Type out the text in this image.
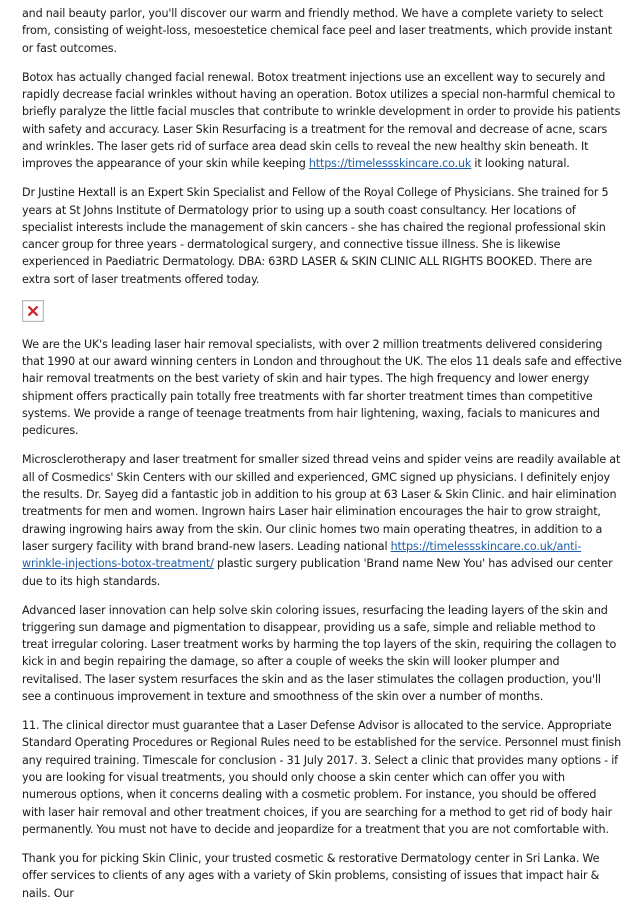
and nail beauty parlor, you'll discover our warm and friendly method. We have a complete variety to select from, consisting of weight-loss, mesoestetice chemical face peel and laser treatments, which provide instant or fast outcomes.

Botox has actually changed facial renewal. Botox treatment injections use an excellent way to securely and rapidly decrease facial wrinkles without having an operation. Botox utilizes a special non-harmful chemical to briefly paralyze the little facial muscles that contribute to wrinkle development in order to provide his patients with safety and accuracy. Laser Skin Resurfacing is a treatment for the removal and decrease of acne, scars and wrinkles. The laser gets rid of surface area dead skin cells to reveal the new healthy skin beneath. It improves the appearance of your skin while keeping https://timelessskincare.co.uk it looking natural.

Dr Justine Hextall is an Expert Skin Specialist and Fellow of the Royal College of Physicians. She trained for 5 years at St Johns Institute of Dermatology prior to using up a south coast consultancy. Her locations of specialist interests include the management of skin cancers - she has chaired the regional professional skin cancer group for three years - dermatological surgery, and connective tissue illness. She is likewise experienced in Paediatric Dermatology. DBA: 63RD LASER & SKIN CLINIC ALL RIGHTS BOOKED. There are extra sort of laser treatments offered today.

We are the UK's leading laser hair removal specialists, with over 2 million treatments delivered considering that 1990 at our award winning centers in London and throughout the UK. The elos 11 deals safe and effective hair removal treatments on the best variety of skin and hair types. The high frequency and lower energy shipment offers practically pain totally free treatments with far shorter treatment times than competitive systems. We provide a range of teenage treatments from hair lightening, waxing, facials to manicures and pedicures.

Microsclerotherapy and laser treatment for smaller sized thread veins and spider veins are readily available at all of Cosmedics' Skin Centers with our skilled and experienced, GMC signed up physicians. I definitely enjoy the results. Dr. Sayeg did a fantastic job in addition to his group at 63 Laser & Skin Clinic. and hair elimination treatments for men and women. Ingrown hairs Laser hair elimination encourages the hair to grow straight, drawing ingrowing hairs away from the skin. Our clinic homes two main operating theatres, in addition to a laser surgery facility with brand brand-new lasers. Leading national https://timelessskincare.co.uk/anti-wrinkle-injections-botox-treatment/ plastic surgery publication 'Brand name New You' has advised our center due to its high standards.

Advanced laser innovation can help solve skin coloring issues, resurfacing the leading layers of the skin and triggering sun damage and pigmentation to disappear, providing us a safe, simple and reliable method to treat irregular coloring. Laser treatment works by harming the top layers of the skin, requiring the collagen to kick in and begin repairing the damage, so after a couple of weeks the skin will looker plumper and revitalised. The laser system resurfaces the skin and as the laser stimulates the collagen production, you'll see a continuous improvement in texture and smoothness of the skin over a number of months.

11. The clinical director must guarantee that a Laser Defense Advisor is allocated to the service. Appropriate Standard Operating Procedures or Regional Rules need to be established for the service. Personnel must finish any required training. Timescale for conclusion - 31 July 2017. 3. Select a clinic that provides many options - if you are looking for visual treatments, you should only choose a skin center which can offer you with numerous options, when it concerns dealing with a cosmetic problem. For instance, you should be offered with laser hair removal and other treatment choices, if you are searching for a method to get rid of body hair permanently. You must not have to decide and jeopardize for a treatment that you are not comfortable with.

Thank you for picking Skin Clinic, your trusted cosmetic & restorative Dermatology center in Sri Lanka. We offer services to clients of any ages with a variety of Skin problems, consisting of issues that impact hair & nails. Our
